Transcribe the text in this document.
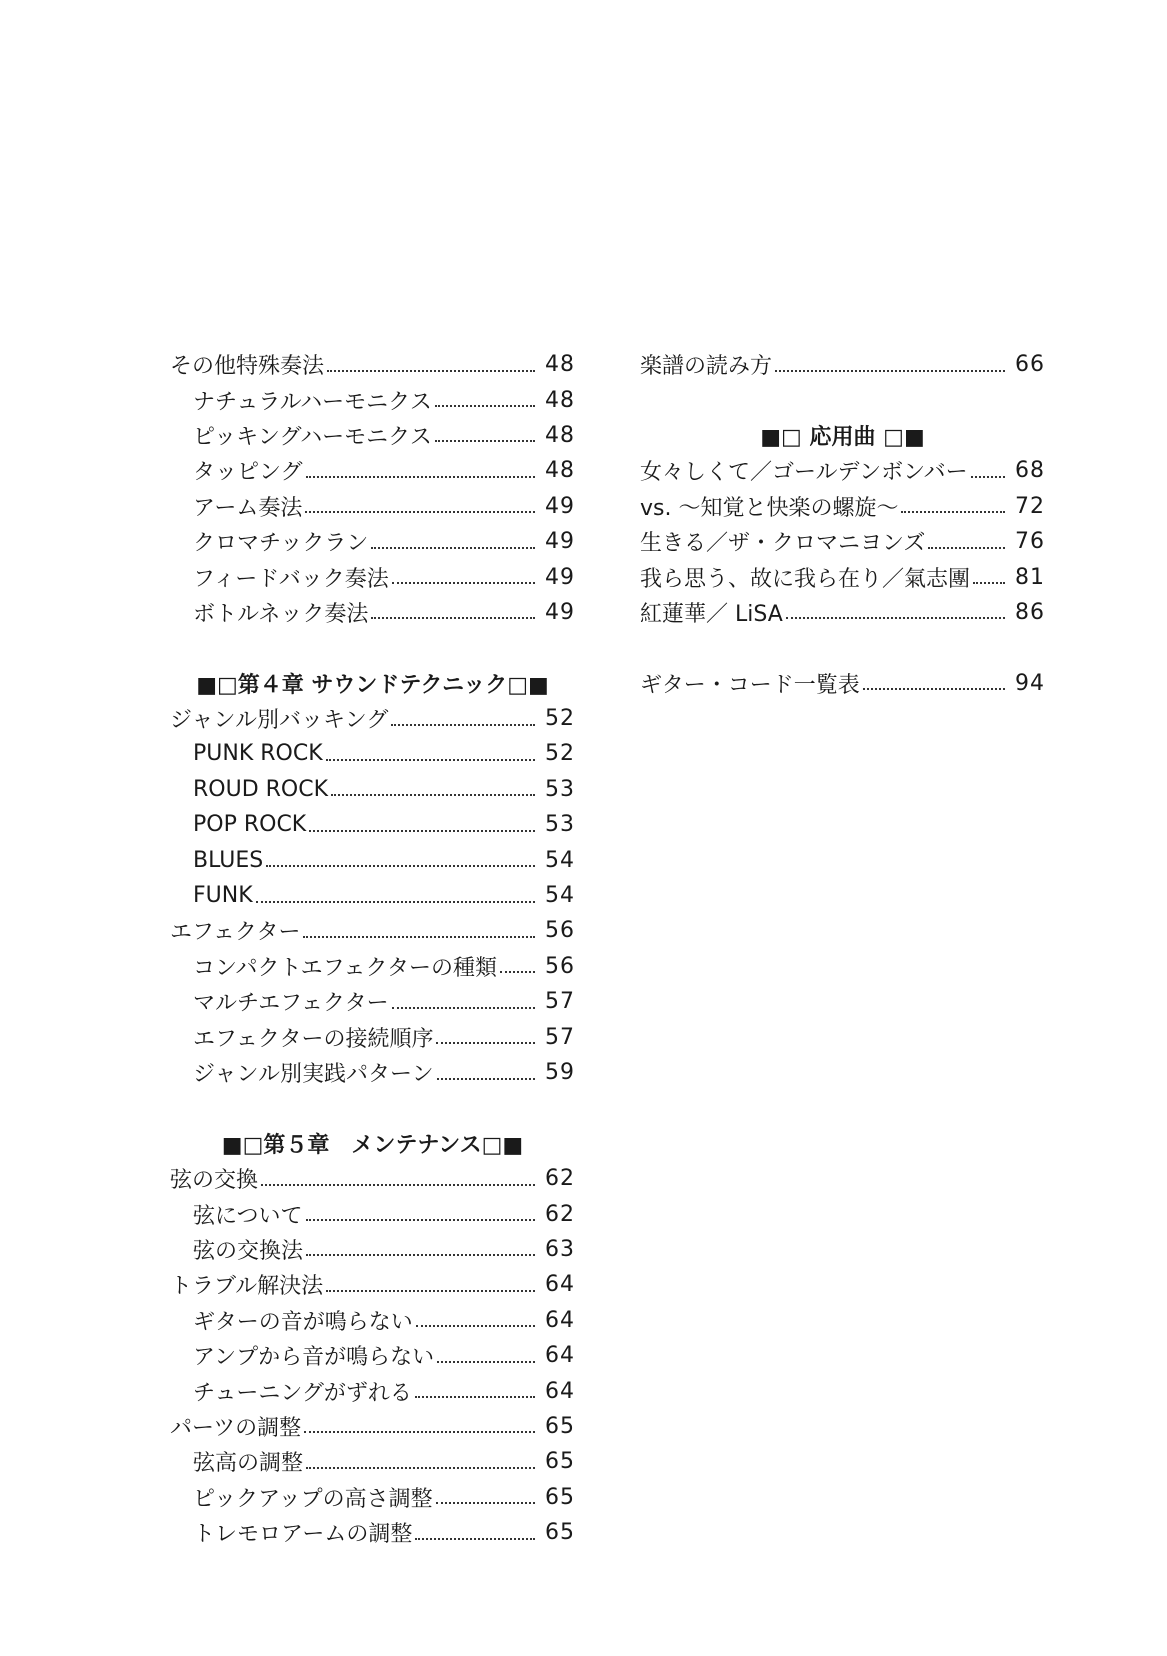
その他特殊奏法	48
ナチュラルハーモニクス	48
ピッキングハーモニクス	48
タッピング	48
アーム奏法	49
クロマチックラン	49
フィードバック奏法	49
ボトルネック奏法	49
■□第４章 サウンドテクニック□■
ジャンル別バッキング	52
PUNK ROCK	52
ROUD ROCK	53
POP ROCK	53
BLUES	54
FUNK	54
エフェクター	56
コンパクトエフェクターの種類 56
マルチエフェクター	57
エフェクターの接続順序	57
ジャンル別実践パターン	59
■□第５章　メンテナンス□■
弦の交換	62
弦について	62
弦の交換法	63
トラブル解決法	64
ギターの音が鳴らない	64
アンプから音が鳴らない	64
チューニングがずれる	64
パーツの調整	65
弦高の調整	65
ピックアップの高さ調整	65
トレモロアームの調整	65
楽譜の読み方	66
■□ 応用曲 □■
女々しくて／ゴールデンボンバー 68
vs. ～知覚と快楽の螺旋～	72
生きる／ザ・クロマニヨンズ	76
我ら思う、故に我ら在り／氣志團 81
紅蓮華／ LiSA	86
ギター・コード一覧表	94
